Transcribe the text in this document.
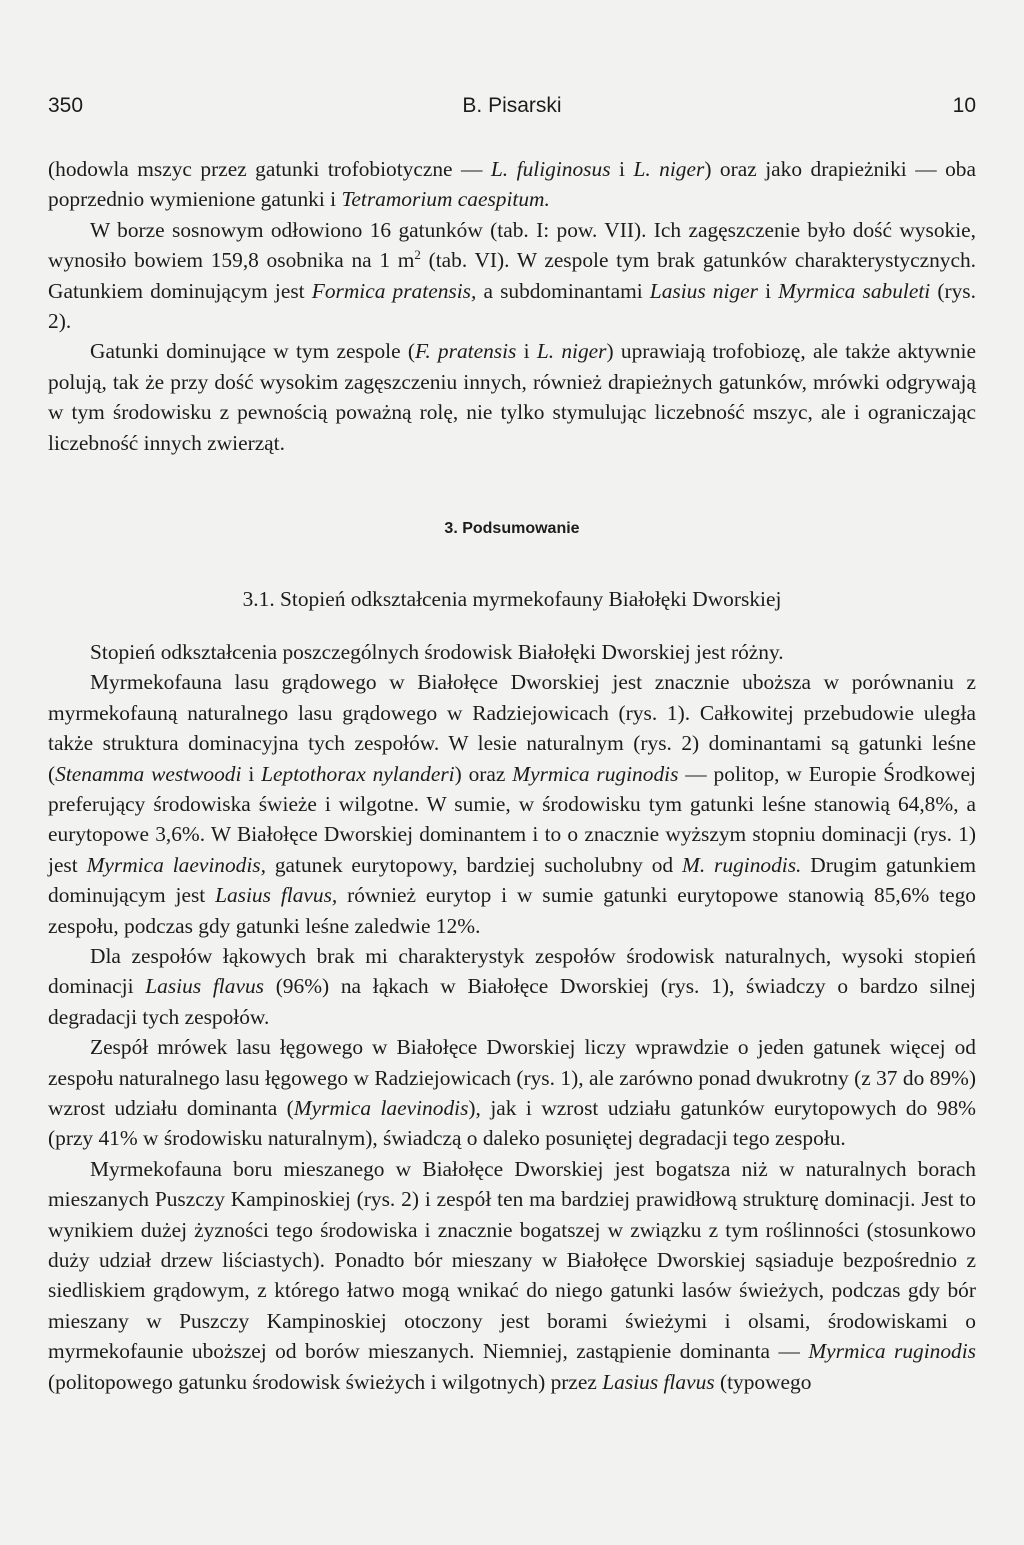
350	B. Pisarski	10

(hodowla mszyc przez gatunki trofobiotyczne — L. fuliginosus i L. niger) oraz jako drapieżniki — oba poprzednio wymienione gatunki i Tetramorium caespitum.

W borze sosnowym odłowiono 16 gatunków (tab. I: pow. VII). Ich zagęszczenie było dość wysokie, wynosiło bowiem 159,8 osobnika na 1 $m^2$ (tab. VI). W zespole tym brak gatunków charakterystycznych. Gatunkiem dominującym jest Formica pratensis, a subdominantami Lasius niger i Myrmica sabuleti (rys. 2).

Gatunki dominujące w tym zespole (F. pratensis i L. niger) uprawiają trofobiozę, ale także aktywnie polują, tak że przy dość wysokim zagęszczeniu innych, również drapieżnych gatunków, mrówki odgrywają w tym środowisku z pewnością poważną rolę, nie tylko stymulując liczebność mszyc, ale i ograniczając liczebność innych zwierząt.

3. Podsumowanie

3.1. Stopień odkształcenia myrmekofauny Białołęki Dworskiej

Stopień odkształcenia poszczególnych środowisk Białołęki Dworskiej jest różny.

Myrmekofauna lasu grądowego w Białołęce Dworskiej jest znacznie uboższa w porównaniu z myrmekofauną naturalnego lasu grądowego w Radziejowicach (rys. 1). Całkowitej przebudowie uległa także struktura dominacyjna tych zespołów. W lesie naturalnym (rys. 2) dominantami są gatunki leśne (Stenamma westwoodi i Leptothorax nylanderi) oraz Myrmica ruginodis — politop, w Europie Środkowej preferujący środowiska świeże i wilgotne. W sumie, w środowisku tym gatunki leśne stanowią 64,8%, a eurytopowe 3,6%. W Białołęce Dworskiej dominantem i to o znacznie wyższym stopniu dominacji (rys. 1) jest Myrmica laevinodis, gatunek eurytopowy, bardziej sucholubny od M. ruginodis. Drugim gatunkiem dominującym jest Lasius flavus, również eurytop i w sumie gatunki eurytopowe stanowią 85,6% tego zespołu, podczas gdy gatunki leśne zaledwie 12%.

Dla zespołów łąkowych brak mi charakterystyk zespołów środowisk naturalnych, wysoki stopień dominacji Lasius flavus (96%) na łąkach w Białołęce Dworskiej (rys. 1), świadczy o bardzo silnej degradacji tych zespołów.

Zespół mrówek lasu łęgowego w Białołęce Dworskiej liczy wprawdzie o jeden gatunek więcej od zespołu naturalnego lasu łęgowego w Radziejowicach (rys. 1), ale zarówno ponad dwukrotny (z 37 do 89%) wzrost udziału dominanta (Myrmica laevinodis), jak i wzrost udziału gatunków eurytopowych do 98% (przy 41% w środowisku naturalnym), świadczą o daleko posuniętej degradacji tego zespołu.

Myrmekofauna boru mieszanego w Białołęce Dworskiej jest bogatsza niż w naturalnych borach mieszanych Puszczy Kampinoskiej (rys. 2) i zespół ten ma bardziej prawidłową strukturę dominacji. Jest to wynikiem dużej żyzności tego środowiska i znacznie bogatszej w związku z tym roślinności (stosunkowo duży udział drzew liściastych). Ponadto bór mieszany w Białołęce Dworskiej sąsiaduje bezpośrednio z siedliskiem grądowym, z którego łatwo mogą wnikać do niego gatunki lasów świeżych, podczas gdy bór mieszany w Puszczy Kampinoskiej otoczony jest borami świeżymi i olsami, środowiskami o myrmekofaunie uboższej od borów mieszanych. Niemniej, zastąpienie dominanta — Myrmica ruginodis (politopowego gatunku środowisk świeżych i wilgotnych) przez Lasius flavus (typowego
